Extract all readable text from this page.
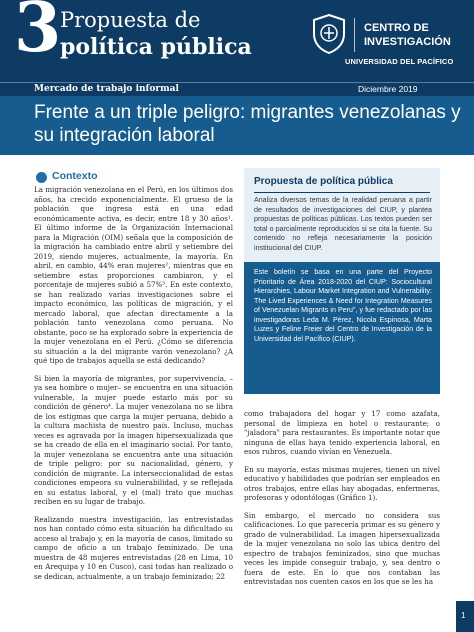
3
Propuesta de
política pública
CENTRO DE
INVESTIGACIÓN
UNIVERSIDAD DEL PACÍFICO
Mercado de trabajo informal	Diciembre 2019
Frente a un triple peligro: migrantes venezolanas y su integración laboral
Contexto

La migración venezolana en el Perú, en los últimos dos años, ha crecido exponencialmente. El grueso de la población que ingresa está en una edad económicamente activa, es decir, entre 18 y 30 años¹. El último informe de la Organización Internacional para la Migración (OIM) señala que la composición de la migración ha cambiado entre abril y setiembre del 2019, siendo mujeres, actualmente, la mayoría. En abril, en cambio, 44% eran mujeres², mientras que en setiembre estas proporciones cambiaron, y el porcentaje de mujeres subió a 57%³. En este contexto, se han realizado varias investigaciones sobre el impacto económico, las políticas de migración, y el mercado laboral, que afectan directamente a la población tanto venezolana como peruana. No obstante, poco se ha explorado sobre la experiencia de la mujer venezolana en el Perú. ¿Cómo se diferencia su situación a la del migrante varón venezolano? ¿A qué tipo de trabajos aquella se está dedicando?

Si bien la mayoría de migrantes, por supervivencia, –ya sea hombre o mujer– se encuentra en una situación vulnerable, la mujer puede estarlo más por su condición de género⁴. La mujer venezolana no se libra de los estigmas que carga la mujer peruana, debido a la cultura machista de nuestro país. Incluso, muchas veces es agravada por la imagen hipersexualizada que se ha creado de ella en el imaginario social. Por tanto, la mujer venezolana se encuentra ante una situación de triple peligro: por su nacionalidad, género, y condición de migrante. La interseccionalidad de estas condiciones empeora su vulnerabilidad, y se reflejada en su estatus laboral, y el (mal) trato que muchas reciben en su lugar de trabajo.

Realizando nuestra investigación, las entrevistadas nos han contado cómo esta situación ha dificultado su acceso al trabajo y, en la mayoría de casos, limitado su campo de oficio a un trabajo feminizado. De una muestra de 48 mujeres entrevistadas (28 en Lima, 10 en Arequipa y 10 en Cusco), casi todas han realizado o se dedican, actualmente, a un trabajo feminizado; 22

Propuesta de política pública
Analiza diversos temas de la realidad peruana a partir de resultados de investigaciones del CIUP, y plantea propuestas de políticas públicas. Los textos pueden ser total o parcialmente reproducidos si se cita la fuente. Su contenido no refleja necesariamente la posición institucional del CIUP.
Este boletín se basa en una parte del Proyecto Prioritario de Área 2018-2020 del CIUP: Sociocultural Hierarchies, Labour Market Integration and Vulnerability: The Lived Experiences & Need for Integration Measures of Venezuelan Migrants in Peru", y fue redactado por las investigadoras Leda M. Pérez, Nicola Espinosa, Marta Luzes y Feline Freier del Centro de Investigación de la Universidad del Pacífico (CIUP).

como trabajadora del hogar y 17 como azafata, personal de limpieza en hotel o restaurante; o "jaladora" para restaurantes. Es importante notar que ninguna de ellas haya tenido experiencia laboral, en esos rubros, cuando vivían en Venezuela.

En su mayoría, estas mismas mujeres, tienen un nivel educativo y habilidades que podrían ser empleados en otros trabajos, entre ellas hay abogadas, enfermeras, profesoras y odontólogas (Gráfico 1).

Sin embargo, el mercado no considera sus calificaciones. Lo que parecería primar es su género y grado de vulnerabilidad. La imagen hipersexualizada de la mujer venezolana no solo las ubica dentro del espectro de trabajos feminizados, sino que muchas veces les impide conseguir trabajo, y, sea dentro o fuera de este. En lo que nos contaban las entrevistadas nos cuenten casos en los que se les ha

1
